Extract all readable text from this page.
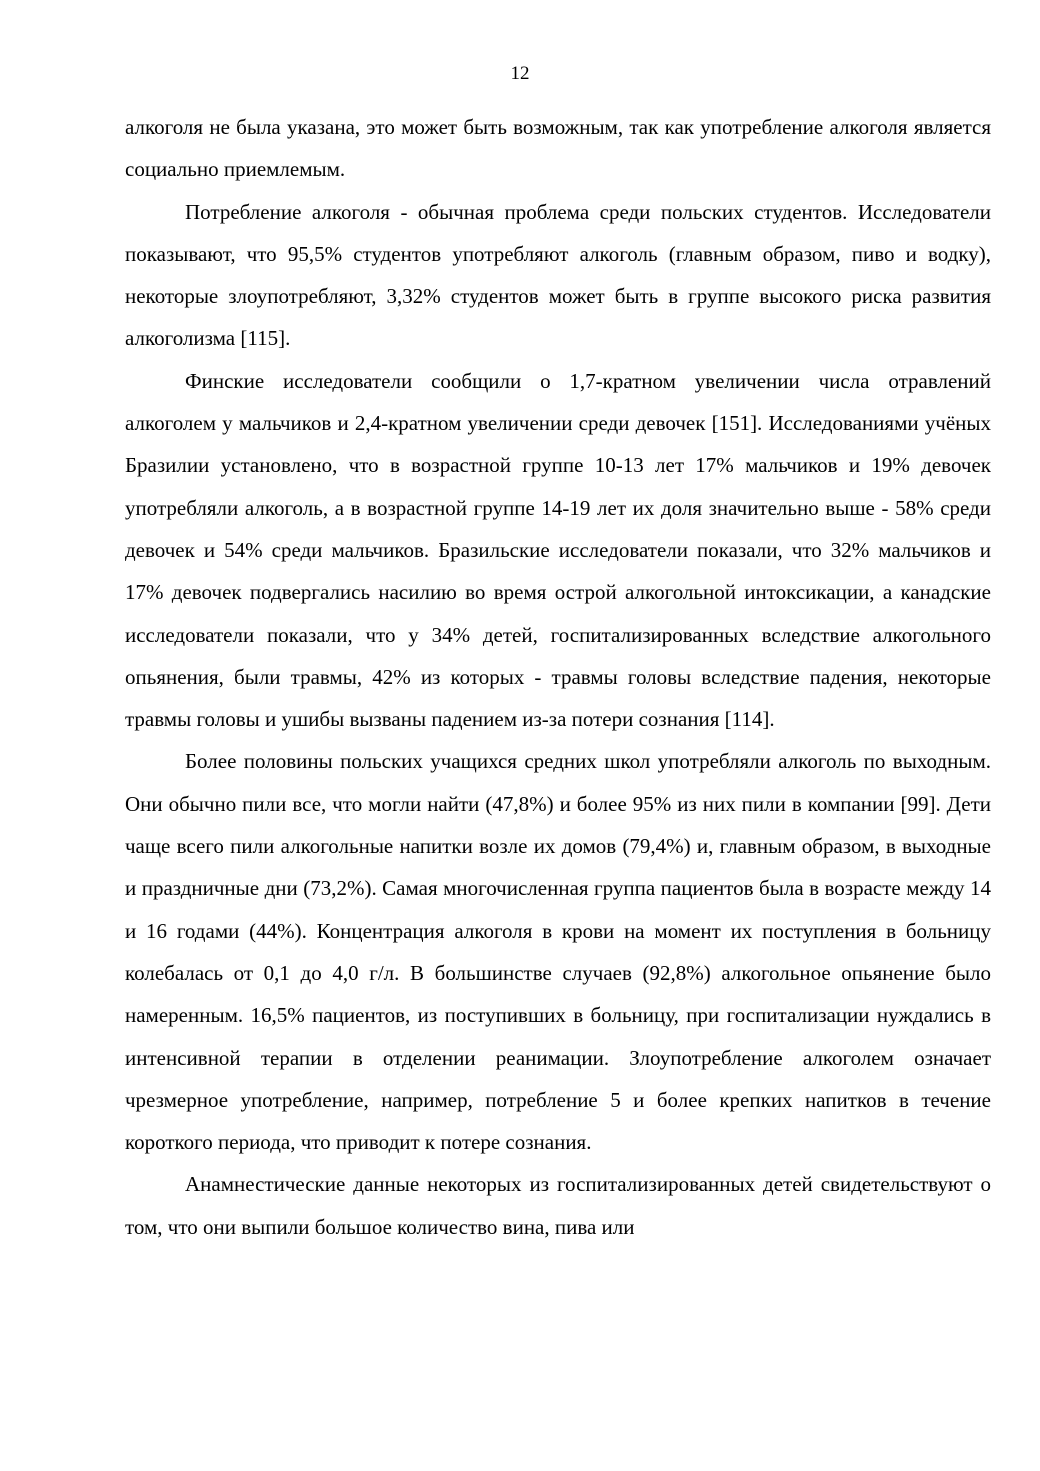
12

алкоголя не была указана, это может быть возможным, так как употребление алкоголя является социально приемлемым.

Потребление алкоголя - обычная проблема среди польских студентов. Исследователи показывают, что 95,5% студентов употребляют алкоголь (главным образом, пиво и водку), некоторые злоупотребляют, 3,32% студентов может быть в группе высокого риска развития алкоголизма [115].

Финские исследователи сообщили о 1,7-кратном увеличении числа отравлений алкоголем у мальчиков и 2,4-кратном увеличении среди девочек [151]. Исследованиями учёных Бразилии установлено, что в возрастной группе 10-13 лет 17% мальчиков и 19% девочек употребляли алкоголь, а в возрастной группе 14-19 лет их доля значительно выше - 58% среди девочек и 54% среди мальчиков. Бразильские исследователи показали, что 32% мальчиков и 17% девочек подвергались насилию во время острой алкогольной интоксикации, а канадские исследователи показали, что у 34% детей, госпитализированных вследствие алкогольного опьянения, были травмы, 42% из которых - травмы головы вследствие падения, некоторые травмы головы и ушибы вызваны падением из-за потери сознания [114].

Более половины польских учащихся средних школ употребляли алкоголь по выходным. Они обычно пили все, что могли найти (47,8%) и более 95% из них пили в компании [99]. Дети чаще всего пили алкогольные напитки возле их домов (79,4%) и, главным образом, в выходные и праздничные дни (73,2%). Самая многочисленная группа пациентов была в возрасте между 14 и 16 годами (44%). Концентрация алкоголя в крови на момент их поступления в больницу колебалась от 0,1 до 4,0 г/л. В большинстве случаев (92,8%) алкогольное опьянение было намеренным. 16,5% пациентов, из поступивших в больницу, при госпитализации нуждались в интенсивной терапии в отделении реанимации. Злоупотребление алкоголем означает чрезмерное употребление, например, потребление 5 и более крепких напитков в течение короткого периода, что приводит к потере сознания.

Анамнестические данные некоторых из госпитализированных детей свидетельствуют о том, что они выпили большое количество вина, пива или
